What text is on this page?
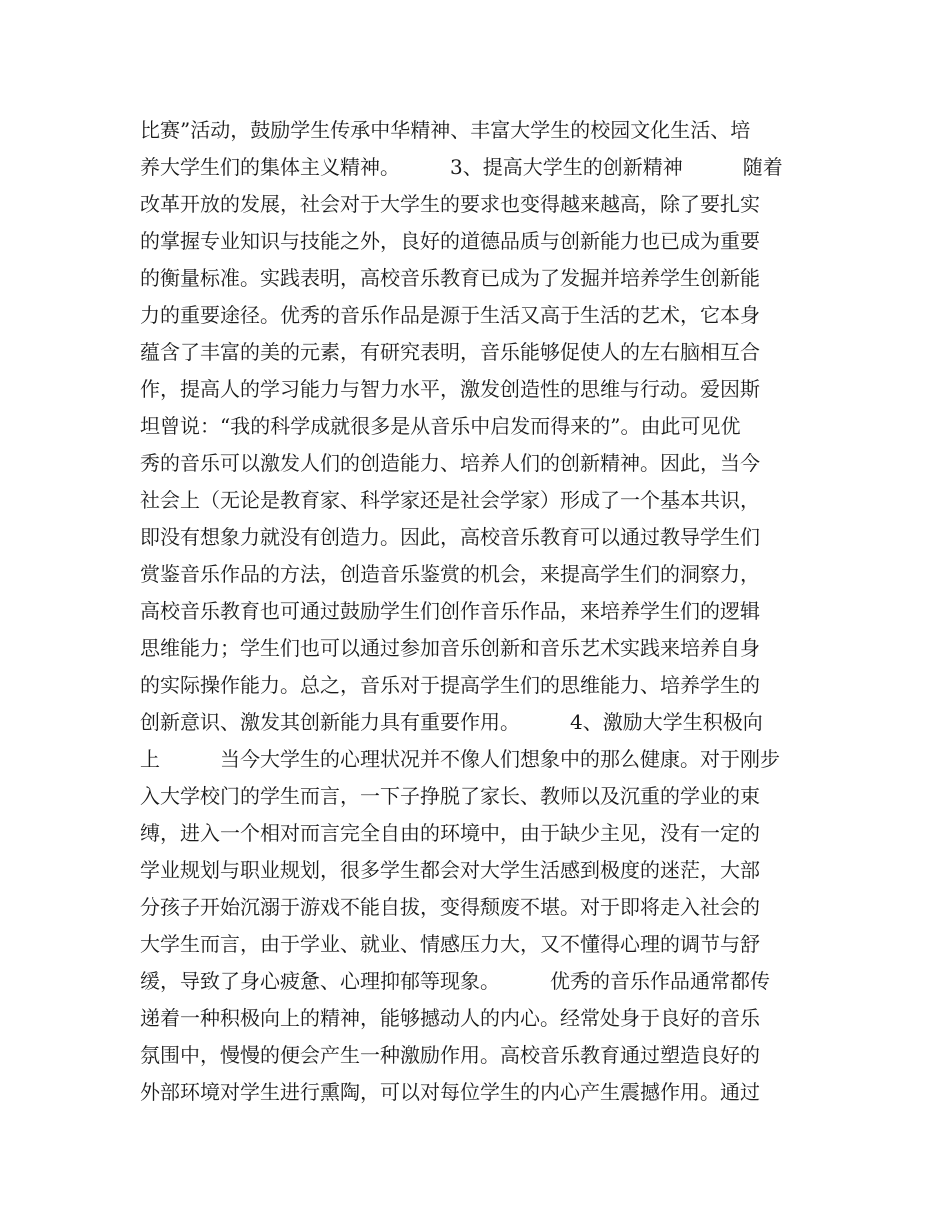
比赛”活动，鼓励学生传承中华精神、丰富大学生的校园文化生活、培
养大学生们的集体主义精神。　　　3、提高大学生的创新精神　　　随着
改革开放的发展，社会对于大学生的要求也变得越来越高，除了要扎实
的掌握专业知识与技能之外，良好的道德品质与创新能力也已成为重要
的衡量标准。实践表明，高校音乐教育已成为了发掘并培养学生创新能
力的重要途径。优秀的音乐作品是源于生活又高于生活的艺术，它本身
蕴含了丰富的美的元素，有研究表明，音乐能够促使人的左右脑相互合
作，提高人的学习能力与智力水平，激发创造性的思维与行动。爱因斯
坦曾说：“我的科学成就很多是从音乐中启发而得来的”。由此可见优
秀的音乐可以激发人们的创造能力、培养人们的创新精神。因此，当今
社会上（无论是教育家、科学家还是社会学家）形成了一个基本共识，
即没有想象力就没有创造力。因此，高校音乐教育可以通过教导学生们
赏鉴音乐作品的方法，创造音乐鉴赏的机会，来提高学生们的洞察力，
高校音乐教育也可通过鼓励学生们创作音乐作品，来培养学生们的逻辑
思维能力；学生们也可以通过参加音乐创新和音乐艺术实践来培养自身
的实际操作能力。总之，音乐对于提高学生们的思维能力、培养学生的
创新意识、激发其创新能力具有重要作用。　　　4、激励大学生积极向
上　　　当今大学生的心理状况并不像人们想象中的那么健康。对于刚步
入大学校门的学生而言，一下子挣脱了家长、教师以及沉重的学业的束
缚，进入一个相对而言完全自由的环境中，由于缺少主见，没有一定的
学业规划与职业规划，很多学生都会对大学生活感到极度的迷茫，大部
分孩子开始沉溺于游戏不能自拔，变得颓废不堪。对于即将走入社会的
大学生而言，由于学业、就业、情感压力大，又不懂得心理的调节与舒
缓，导致了身心疲惫、心理抑郁等现象。　　　优秀的音乐作品通常都传
递着一种积极向上的精神，能够撼动人的内心。经常处身于良好的音乐
氛围中，慢慢的便会产生一种激励作用。高校音乐教育通过塑造良好的
外部环境对学生进行熏陶，可以对每位学生的内心产生震撼作用。通过
